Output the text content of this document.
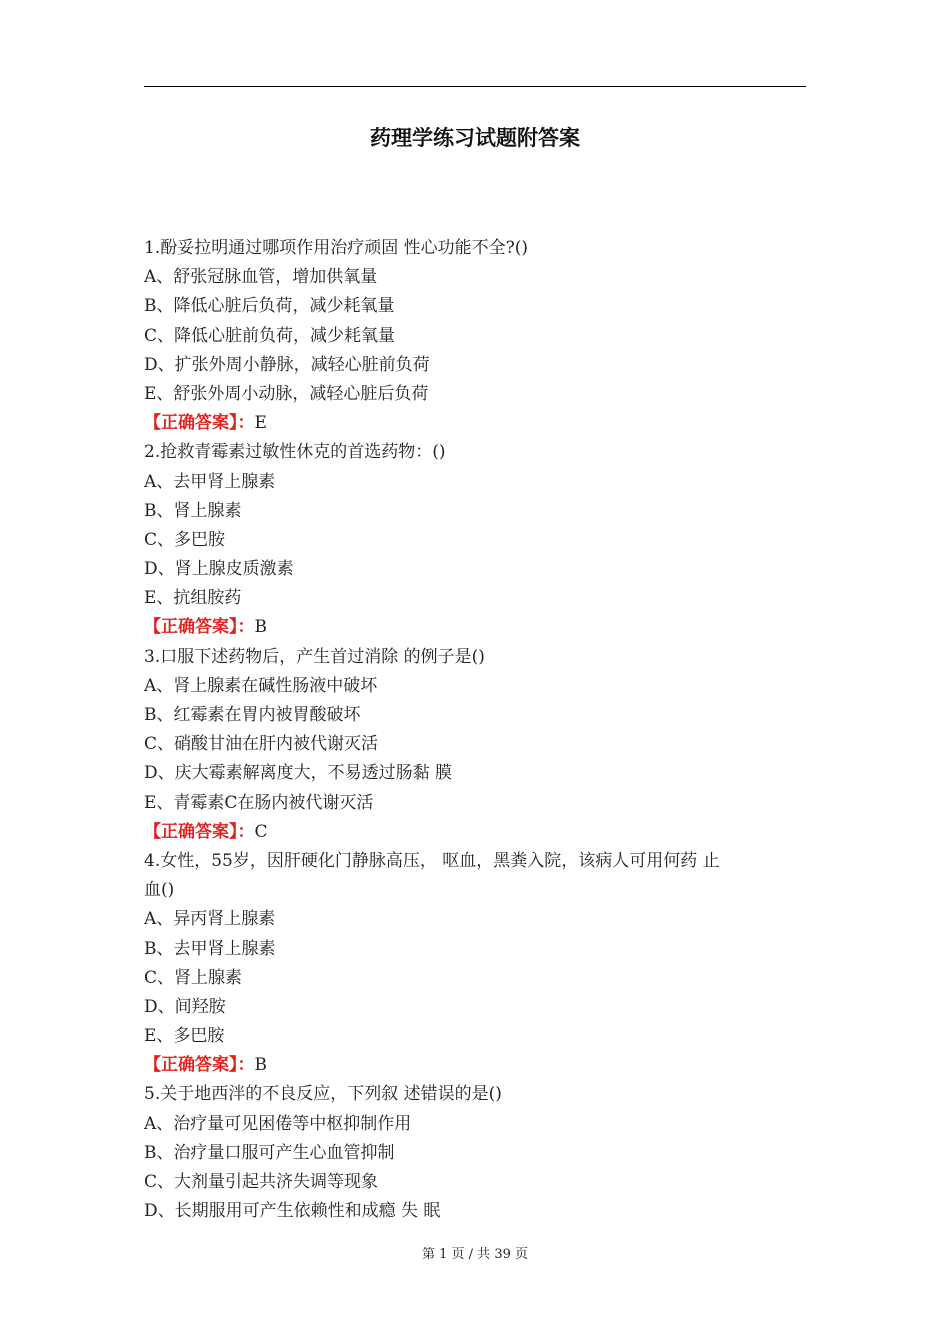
药理学练习试题附答案
1.酚妥拉明通过哪项作用治疗顽固 性心功能不全?()
A、舒张冠脉血管，增加供氧量
B、降低心脏后负荷，减少耗氧量
C、降低心脏前负荷，减少耗氧量
D、扩张外周小静脉，减轻心脏前负荷
E、舒张外周小动脉，减轻心脏后负荷
【正确答案】：E
2.抢救青霉素过敏性休克的首选药物：()
A、去甲肾上腺素
B、肾上腺素
C、多巴胺
D、肾上腺皮质激素
E、抗组胺药
【正确答案】：B
3.口服下述药物后，产生首过消除 的例子是()
A、肾上腺素在碱性肠液中破坏
B、红霉素在胃内被胃酸破坏
C、硝酸甘油在肝内被代谢灭活
D、庆大霉素解离度大，不易透过肠黏 膜
E、青霉素C在肠内被代谢灭活
【正确答案】：C
4.女性，55岁，因肝硬化门静脉高压， 呕血，黑粪入院，该病人可用何药 止
血()
A、异丙肾上腺素
B、去甲肾上腺素
C、肾上腺素
D、间羟胺
E、多巴胺
【正确答案】：B
5.关于地西泮的不良反应，下列叙 述错误的是()
A、治疗量可见困倦等中枢抑制作用
B、治疗量口服可产生心血管抑制
C、大剂量引起共济失调等现象
D、长期服用可产生依赖性和成瘾 失 眠
第 1 页 / 共 39 页
